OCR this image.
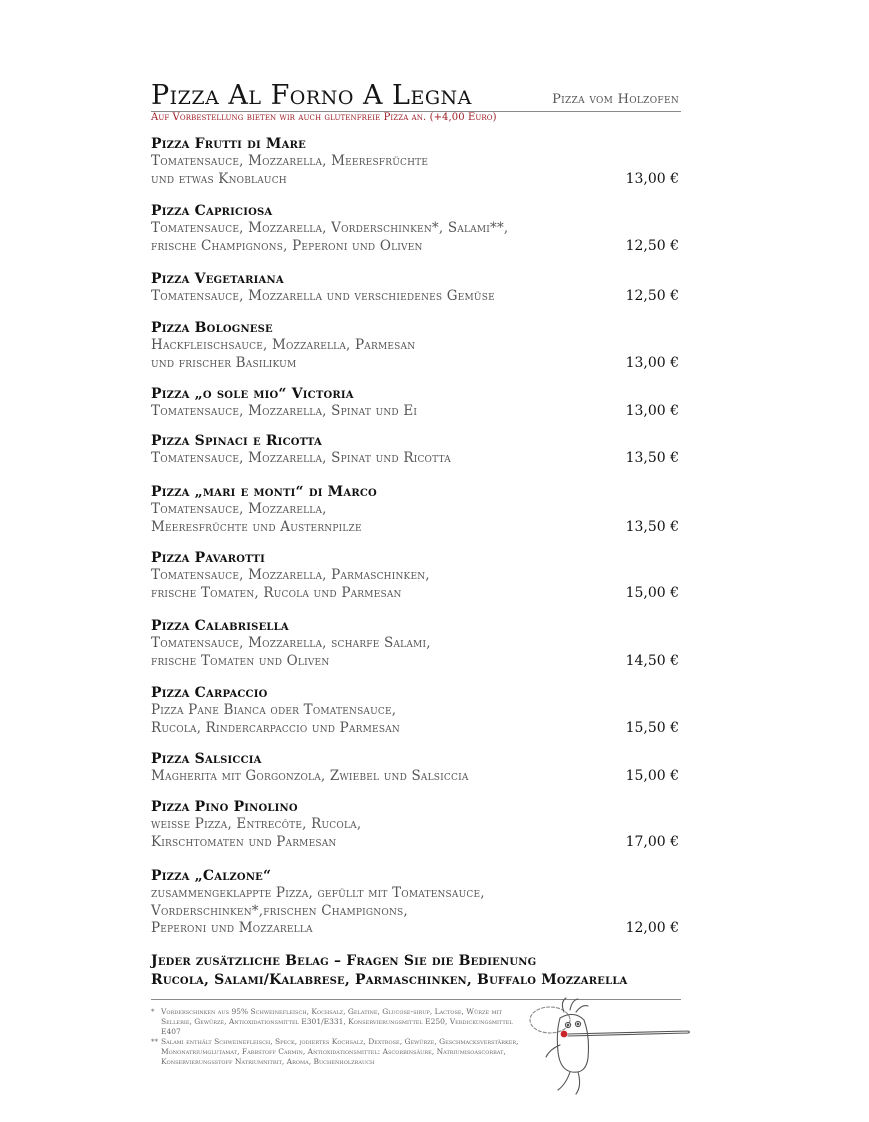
Pizza Al Forno A Legna	Pizza vom Holzofen
Auf Vorbestellung bieten wir auch glutenfreie Pizza an. (+4,00 Euro)
Pizza Frutti di Mare
Tomatensauce, Mozzarella, Meeresfrüchte
und etwas Knoblauch	13,00 €
Pizza Capriciosa
Tomatensauce, Mozzarella, Vorderschinken*, Salami**,
frische Champignons, Peperoni und Oliven	12,50 €
Pizza Vegetariana
Tomatensauce, Mozzarella und verschiedenes Gemüse	12,50 €
Pizza Bolognese
Hackfleischsauce, Mozzarella, Parmesan
und frischer Basilikum	13,00 €
Pizza „o sole mio“ Victoria
Tomatensauce, Mozzarella, Spinat und Ei	13,00 €
Pizza Spinaci e Ricotta
Tomatensauce, Mozzarella, Spinat und Ricotta	13,50 €
Pizza „mari e monti“ di Marco
Tomatensauce, Mozzarella,
Meeresfrüchte und Austernpilze	13,50 €
Pizza Pavarotti
Tomatensauce, Mozzarella, Parmaschinken,
frische Tomaten, Rucola und Parmesan	15,00 €
Pizza Calabrisella
Tomatensauce, Mozzarella, scharfe Salami,
frische Tomaten und Oliven	14,50 €
Pizza Carpaccio
Pizza Pane Bianca oder Tomatensauce,
Rucola, Rindercarpaccio und Parmesan	15,50 €
Pizza Salsiccia
Magherita mit Gorgonzola, Zwiebel und Salsiccia	15,00 €
Pizza Pino Pinolino
weisse Pizza, Entrecôte, Rucola,
Kirschtomaten und Parmesan	17,00 €
Pizza „Calzone“
zusammengeklappte Pizza, gefüllt mit Tomatensauce,
Vorderschinken*,frischen Champignons,
Peperoni und Mozzarella	12,00 €
Jeder zusätzliche Belag – Fragen Sie die Bedienung
Rucola, Salami/Kalabrese, Parmaschinken, Buffalo Mozzarella
* Vorderschinken aus 95% Schweinefleisch, Kochsalz, Gelatine, Glucose-sirup, Lactose, Würze mit Sellerie, Gewürze, Antioxidationsmittel E301/E331, Konservierungsmittel E250, Verdickungsmittel E407
** Salami enthält Schweinefleisch, Speck, jodiertes Kochsalz, Dextrose, Gewürze, Geschmacksverstärker, Mononatriumglutamat, Farbstoff Carmin, Antioxidationsmittel: Ascorbinsäure, Natriumisoascorbat, Konservierungsstoff Natriumnitrit, Aroma, Buchenholzrauch
